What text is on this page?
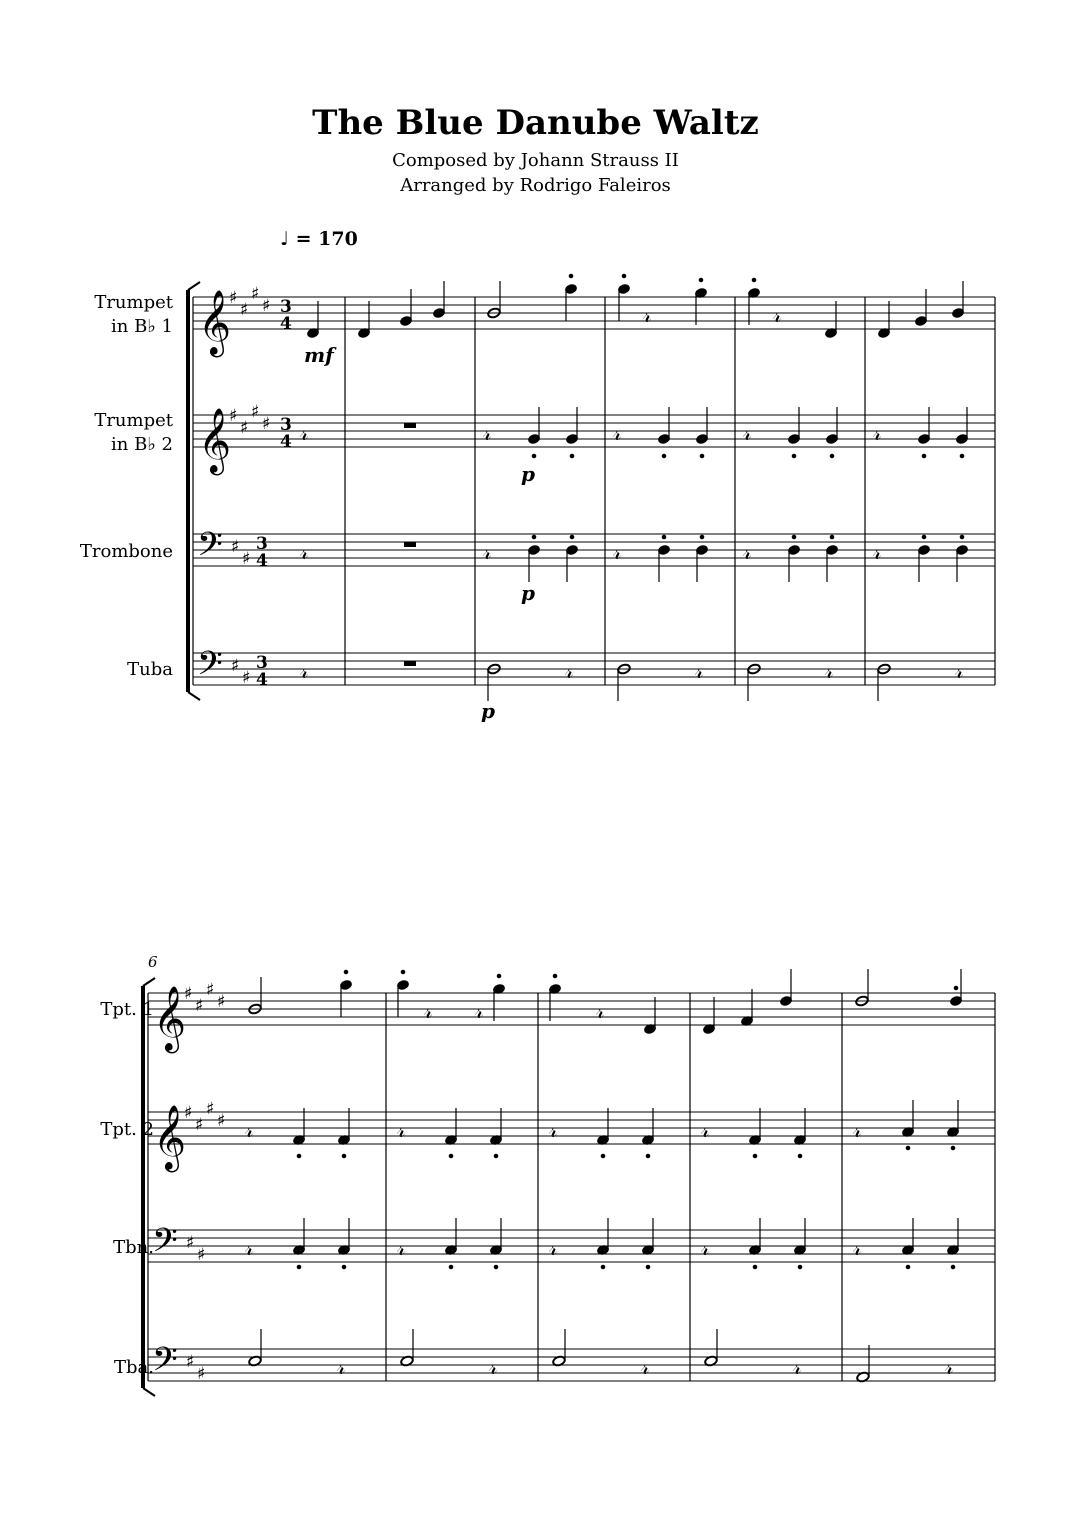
The Blue Danube Waltz
Composed by Johann Strauss II
Arranged by Rodrigo Faleiros
♩ = 170
Trumpet
in B♭ 1
Trumpet
in B♭ 2
Trombone
Tuba
Tpt. 1
Tpt. 2
Tbn.
Tba.
6
𝄞
𝄞
𝄢
𝄢
♯
♯
♯
♯
♯
♯
♯
♯
♯
♯
♯
♯
3
4
3
4
3
4
3
4
𝓇	𝓇
𝓇	𝓇	𝓇	𝓇	𝓇
𝓇	𝓇	𝓇	𝓇	𝓇
𝓇	𝓇	𝓇	𝓇	𝓇
mf
p
p
p
𝄞
𝄞
𝄢
𝄢
♯
♯
♯
♯
♯
♯
♯
♯
♯
♯
♯
♯
𝓇	𝓇
𝓇
𝓇	𝓇	𝓇	𝓇	𝓇
𝓇	𝓇	𝓇	𝓇	𝓇
𝓇	𝓇	𝓇	𝓇	𝓇
